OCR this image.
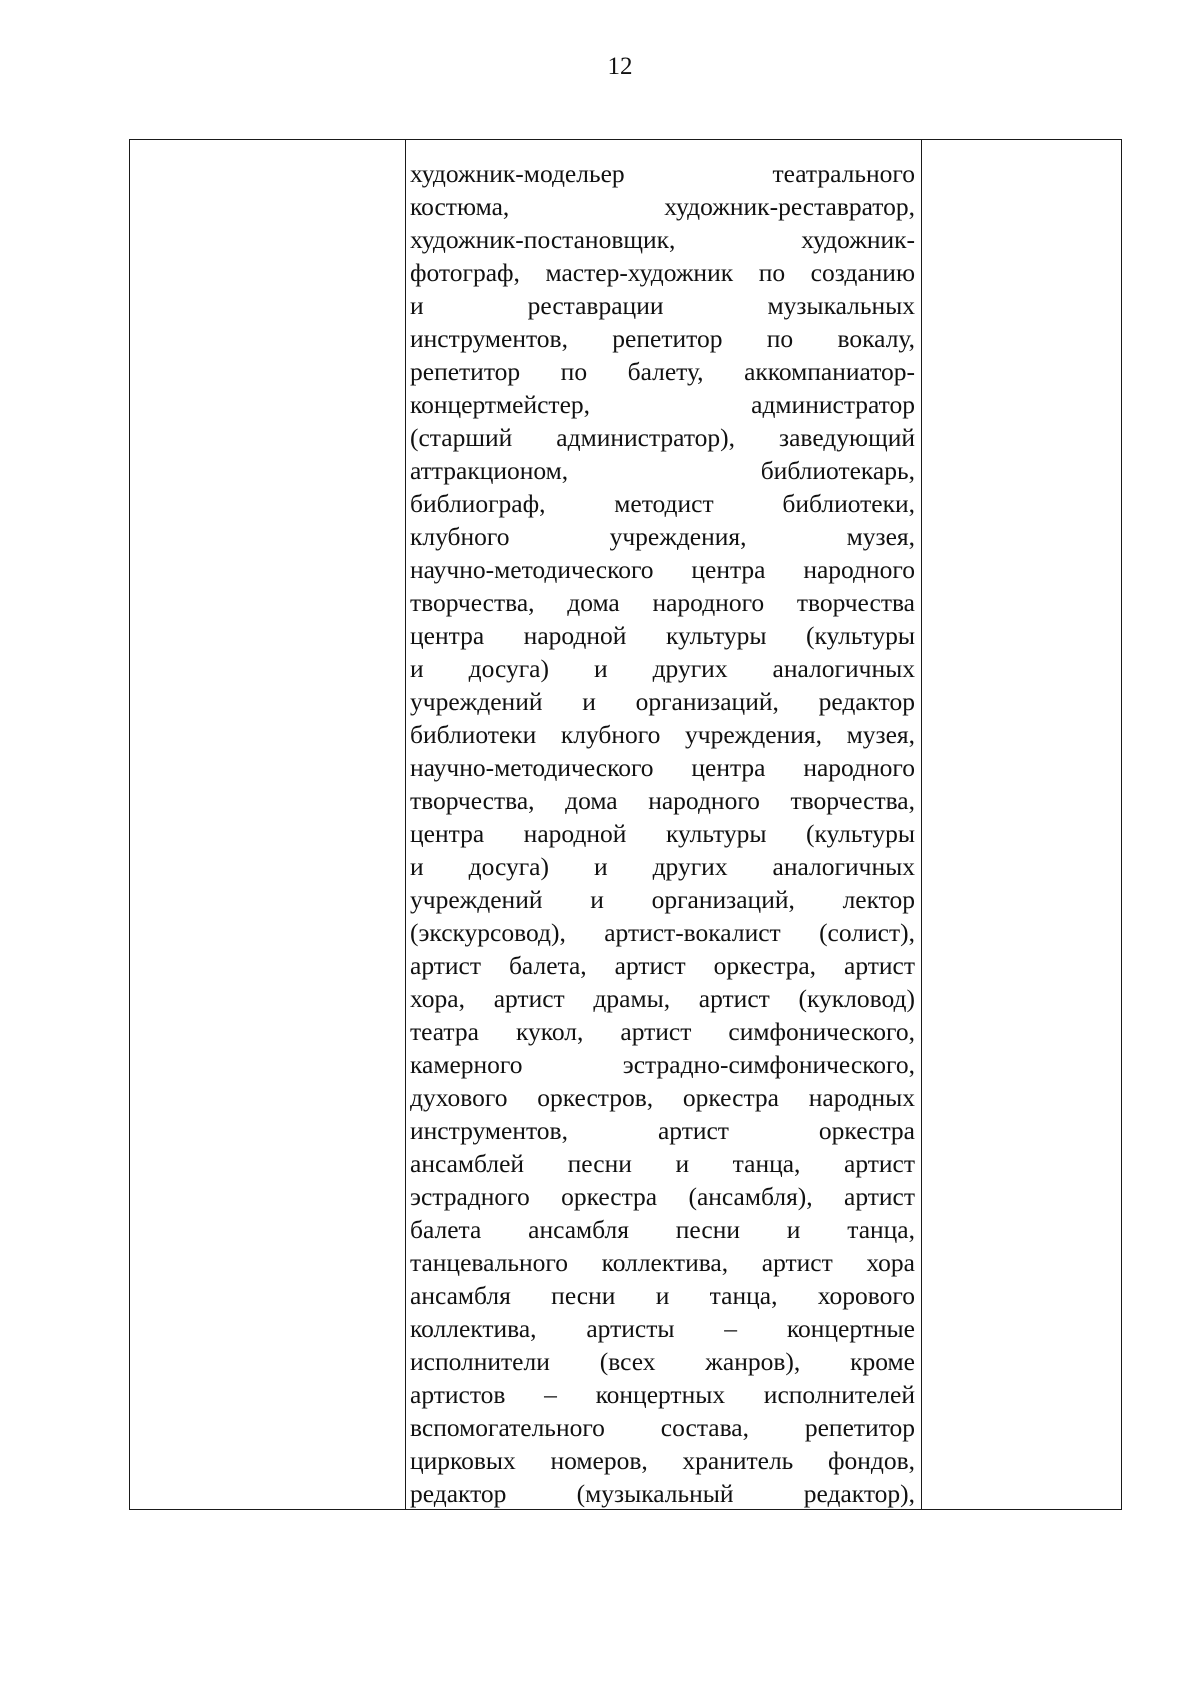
12
художник-модельер театрального
костюма, художник-реставратор,
художник-постановщик, художник-
фотограф, мастер-художник по созданию
и реставрации музыкальных
инструментов, репетитор по вокалу,
репетитор по балету, аккомпаниатор-
концертмейстер, администратор
(старший администратор), заведующий
аттракционом, библиотекарь,
библиограф, методист библиотеки,
клубного учреждения, музея,
научно-методического центра народного
творчества, дома народного творчества
центра народной культуры (культуры
и досуга) и других аналогичных
учреждений и организаций, редактор
библиотеки клубного учреждения, музея,
научно-методического центра народного
творчества, дома народного творчества,
центра народной культуры (культуры
и досуга) и других аналогичных
учреждений и организаций, лектор
(экскурсовод), артист-вокалист (солист),
артист балета, артист оркестра, артист
хора, артист драмы, артист (кукловод)
театра кукол, артист симфонического,
камерного эстрадно-симфонического,
духового оркестров, оркестра народных
инструментов, артист оркестра
ансамблей песни и танца, артист
эстрадного оркестра (ансамбля), артист
балета ансамбля песни и танца,
танцевального коллектива, артист хора
ансамбля песни и танца, хорового
коллектива, артисты – концертные
исполнители (всех жанров), кроме
артистов – концертных исполнителей
вспомогательного состава, репетитор
цирковых номеров, хранитель фондов,
редактор (музыкальный редактор),
